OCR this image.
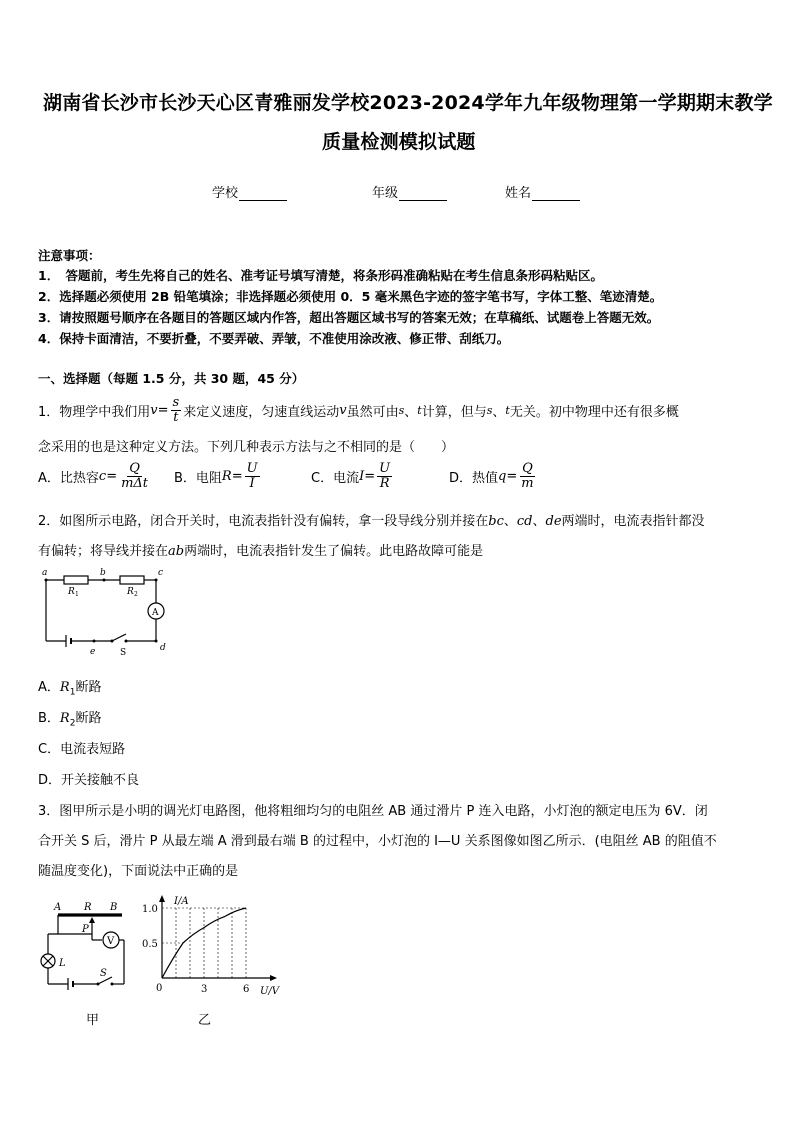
湖南省长沙市长沙天心区青雅丽发学校2023-2024学年九年级物理第一学期期末教学
质量检测模拟试题
学校	年级	姓名
注意事项：
1．　答题前，考生先将自己的姓名、准考证号填写清楚，将条形码准确粘贴在考生信息条形码粘贴区。
2．选择题必须使用 2B 铅笔填涂；非选择题必须使用 0．5 毫米黑色字迹的签字笔书写，字体工整、笔迹清楚。
3．请按照题号顺序在各题目的答题区域内作答，超出答题区域书写的答案无效；在草稿纸、试题卷上答题无效。
4．保持卡面清洁，不要折叠，不要弄破、弄皱，不准使用涂改液、修正带、刮纸刀。
一、选择题（每题 1.5 分，共 30 题，45 分）
1．物理学中我们用 $v = \frac{s}{t}$ 来定义速度，匀速直线运动 v 虽然可由 s 、 t 计算，但与 s 、 t 无关。初中物理中还有很多概
念采用的也是这种定义方法。下列几种表示方法与之不相同的是（　　）
A．比热容 $c = \frac{Q}{\text{mΔt}}$ B．电阻 $R = \frac{U}{I}$	C．电流 $I = \frac{U}{R}$	D．热值 $q = \frac{Q}{m}$
2．如图所示电路，闭合开关时，电流表指针没有偏转，拿一段导线分别并接在bc、cd、de两端时，电流表指针都没
有偏转；将导线并接在ab两端时，电流表指针发生了偏转。此电路故障可能是
a	b	c
d
e
R 1	R 2
A
S
A．$R_1$断路
B．$R_2$断路
C．电流表短路
D．开关接触不良
3．图甲所示是小明的调光灯电路图，他将粗细均匀的电阻丝 AB 通过滑片 P 连入电路，小灯泡的额定电压为 6V．闭
合开关 S 后，滑片 P 从最左端 A 滑到最右端 B 的过程中，小灯泡的 I—U 关系图像如图乙所示．(电阻丝 AB 的阻值不
随温度变化)，下面说法中正确的是
A R B
P
L
S
V
甲
0.5
1.0
3	6
I/A
U/V
0
乙
